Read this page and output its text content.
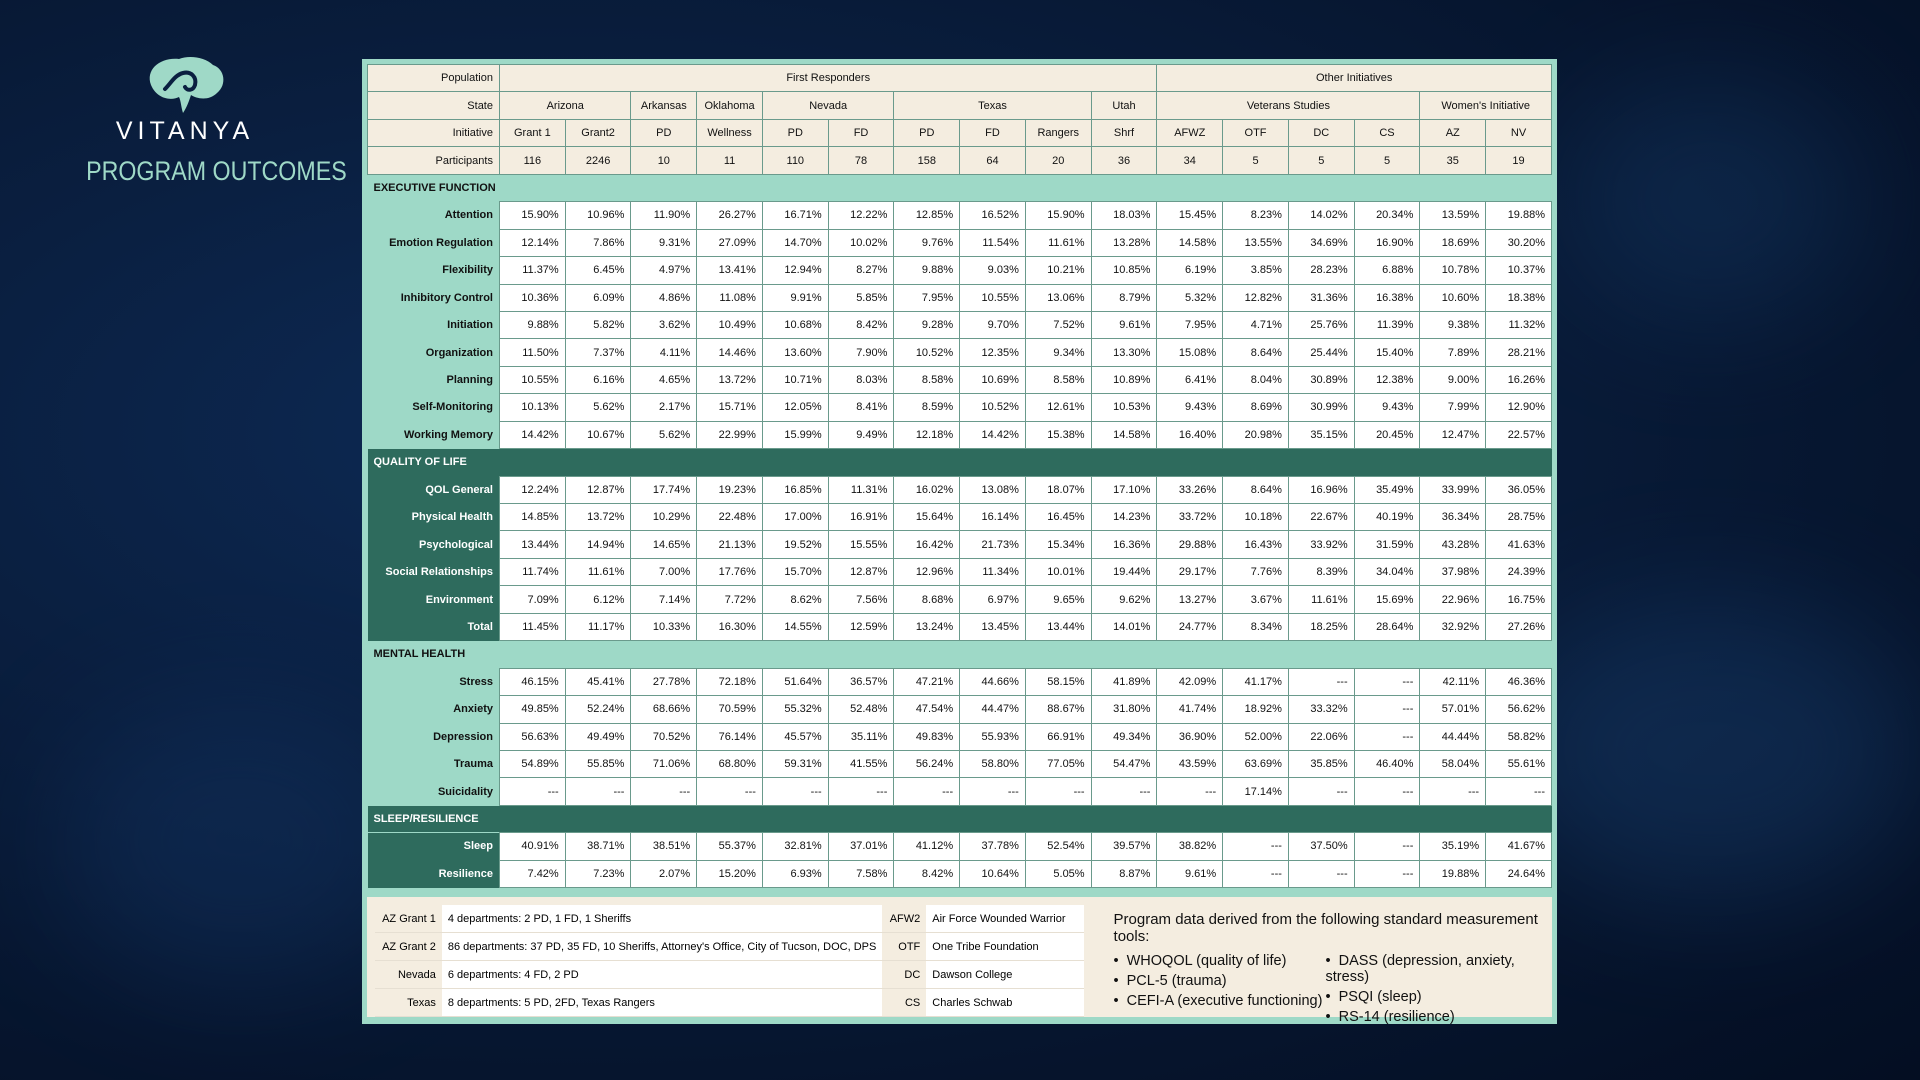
VITANYA
PROGRAM OUTCOMES
Population	First Responders										Other Initiatives					
State	Arizona		Arkansas	Oklahoma	Nevada		Texas			Utah	Veterans Studies				Women's Initiative	
Initiative	Grant 1	Grant2	PD	Wellness	PD	FD	PD	FD	Rangers	Shrf	AFWZ	OTF	DC	CS	AZ	NV
Participants	116	2246	10	11	110	78	158	64	20	36	34	5	5	5	35	19
EXECUTIVE FUNCTION																
Attention	15.90%	10.96%	11.90%	26.27%	16.71%	12.22%	12.85%	16.52%	15.90%	18.03%	15.45%	8.23%	14.02%	20.34%	13.59%	19.88%
Emotion Regulation	12.14%	7.86%	9.31%	27.09%	14.70%	10.02%	9.76%	11.54%	11.61%	13.28%	14.58%	13.55%	34.69%	16.90%	18.69%	30.20%
Flexibility	11.37%	6.45%	4.97%	13.41%	12.94%	8.27%	9.88%	9.03%	10.21%	10.85%	6.19%	3.85%	28.23%	6.88%	10.78%	10.37%
Inhibitory Control	10.36%	6.09%	4.86%	11.08%	9.91%	5.85%	7.95%	10.55%	13.06%	8.79%	5.32%	12.82%	31.36%	16.38%	10.60%	18.38%
Initiation	9.88%	5.82%	3.62%	10.49%	10.68%	8.42%	9.28%	9.70%	7.52%	9.61%	7.95%	4.71%	25.76%	11.39%	9.38%	11.32%
Organization	11.50%	7.37%	4.11%	14.46%	13.60%	7.90%	10.52%	12.35%	9.34%	13.30%	15.08%	8.64%	25.44%	15.40%	7.89%	28.21%
Planning	10.55%	6.16%	4.65%	13.72%	10.71%	8.03%	8.58%	10.69%	8.58%	10.89%	6.41%	8.04%	30.89%	12.38%	9.00%	16.26%
Self-Monitoring	10.13%	5.62%	2.17%	15.71%	12.05%	8.41%	8.59%	10.52%	12.61%	10.53%	9.43%	8.69%	30.99%	9.43%	7.99%	12.90%
Working Memory	14.42%	10.67%	5.62%	22.99%	15.99%	9.49%	12.18%	14.42%	15.38%	14.58%	16.40%	20.98%	35.15%	20.45%	12.47%	22.57%
QUALITY OF LIFE																
QOL General	12.24%	12.87%	17.74%	19.23%	16.85%	11.31%	16.02%	13.08%	18.07%	17.10%	33.26%	8.64%	16.96%	35.49%	33.99%	36.05%
Physical Health	14.85%	13.72%	10.29%	22.48%	17.00%	16.91%	15.64%	16.14%	16.45%	14.23%	33.72%	10.18%	22.67%	40.19%	36.34%	28.75%
Psychological	13.44%	14.94%	14.65%	21.13%	19.52%	15.55%	16.42%	21.73%	15.34%	16.36%	29.88%	16.43%	33.92%	31.59%	43.28%	41.63%
Social Relationships	11.74%	11.61%	7.00%	17.76%	15.70%	12.87%	12.96%	11.34%	10.01%	19.44%	29.17%	7.76%	8.39%	34.04%	37.98%	24.39%
Environment	7.09%	6.12%	7.14%	7.72%	8.62%	7.56%	8.68%	6.97%	9.65%	9.62%	13.27%	3.67%	11.61%	15.69%	22.96%	16.75%
Total	11.45%	11.17%	10.33%	16.30%	14.55%	12.59%	13.24%	13.45%	13.44%	14.01%	24.77%	8.34%	18.25%	28.64%	32.92%	27.26%
MENTAL HEALTH																
Stress	46.15%	45.41%	27.78%	72.18%	51.64%	36.57%	47.21%	44.66%	58.15%	41.89%	42.09%	41.17%	---	---	42.11%	46.36%
Anxiety	49.85%	52.24%	68.66%	70.59%	55.32%	52.48%	47.54%	44.47%	88.67%	31.80%	41.74%	18.92%	33.32%	---	57.01%	56.62%
Depression	56.63%	49.49%	70.52%	76.14%	45.57%	35.11%	49.83%	55.93%	66.91%	49.34%	36.90%	52.00%	22.06%	---	44.44%	58.82%
Trauma	54.89%	55.85%	71.06%	68.80%	59.31%	41.55%	56.24%	58.80%	77.05%	54.47%	43.59%	63.69%	35.85%	46.40%	58.04%	55.61%
Suicidality	---	---	---	---	---	---	---	---	---	---	---	17.14%	---	---	---	---
SLEEP/RESILIENCE																
Sleep	40.91%	38.71%	38.51%	55.37%	32.81%	37.01%	41.12%	37.78%	52.54%	39.57%	38.82%	---	37.50%	---	35.19%	41.67%
Resilience	7.42%	7.23%	2.07%	15.20%	6.93%	7.58%	8.42%	10.64%	5.05%	8.87%	9.61%	---	---	---	19.88%	24.64%
AZ Grant 1	4 departments: 2 PD, 1 FD, 1 Sheriffs	AFW2	Air Force Wounded Warrior
AZ Grant 2	86 departments: 37 PD, 35 FD, 10 Sheriffs, Attorney's Office, City of Tucson, DOC, DPS	OTF	One Tribe Foundation
Nevada	6 departments: 4 FD, 2 PD	DC	Dawson College
Texas	8 departments: 5 PD, 2FD, Texas Rangers	CS	Charles Schwab
Program data derived from the following standard measurement tools:
• WHOQOL (quality of life)
• PCL-5 (trauma)
• CEFI-A (executive functioning)
• DASS (depression, anxiety, stress)
• PSQI (sleep)
• RS-14 (resilience)
